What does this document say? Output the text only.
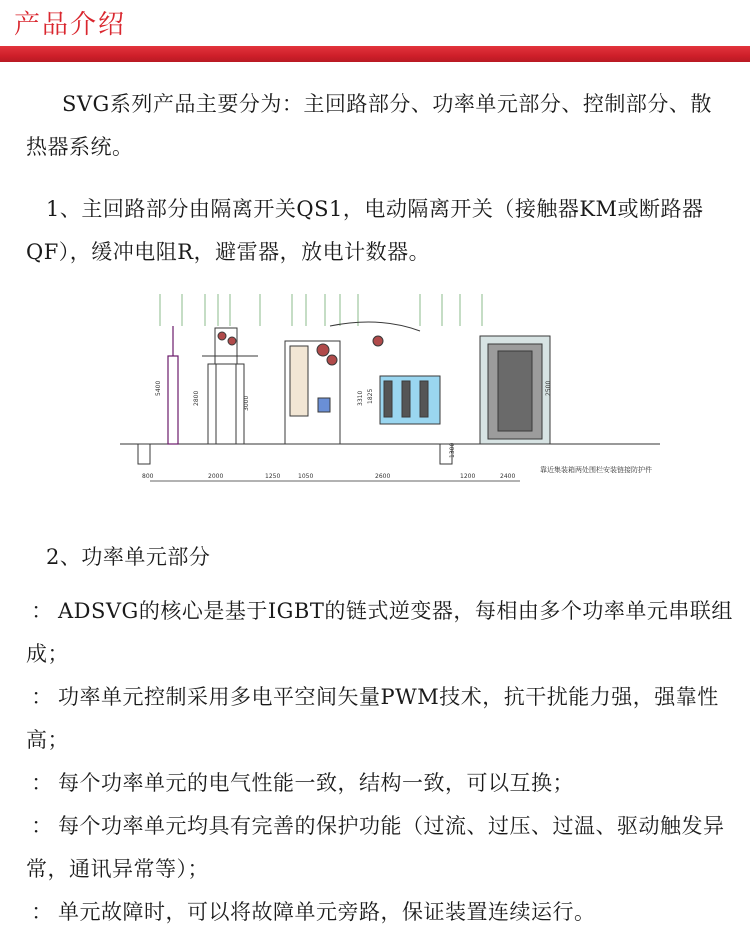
产品介绍
SVG系列产品主要分为：主回路部分、功率单元部分、控制部分、散热器系统。
1、主回路部分由隔离开关QS1，电动隔离开关（接触器KM或断路器QF），缓冲电阻R，避雷器，放电计数器。
800	2000	1250	1050	2600	1200	2400
5400
2800	3000	3310 1825
2500
1300
靠近集装箱两处围栏安装链接防护件
2、功率单元部分
： ADSVG的核心是基于IGBT的链式逆变器，每相由多个功率单元串联组成；
： 功率单元控制采用多电平空间矢量PWM技术，抗干扰能力强，强靠性高；
： 每个功率单元的电气性能一致，结构一致，可以互换；
： 每个功率单元均具有完善的保护功能（过流、过压、过温、驱动触发异常，通讯异常等）；
： 单元故障时，可以将故障单元旁路，保证装置连续运行。
